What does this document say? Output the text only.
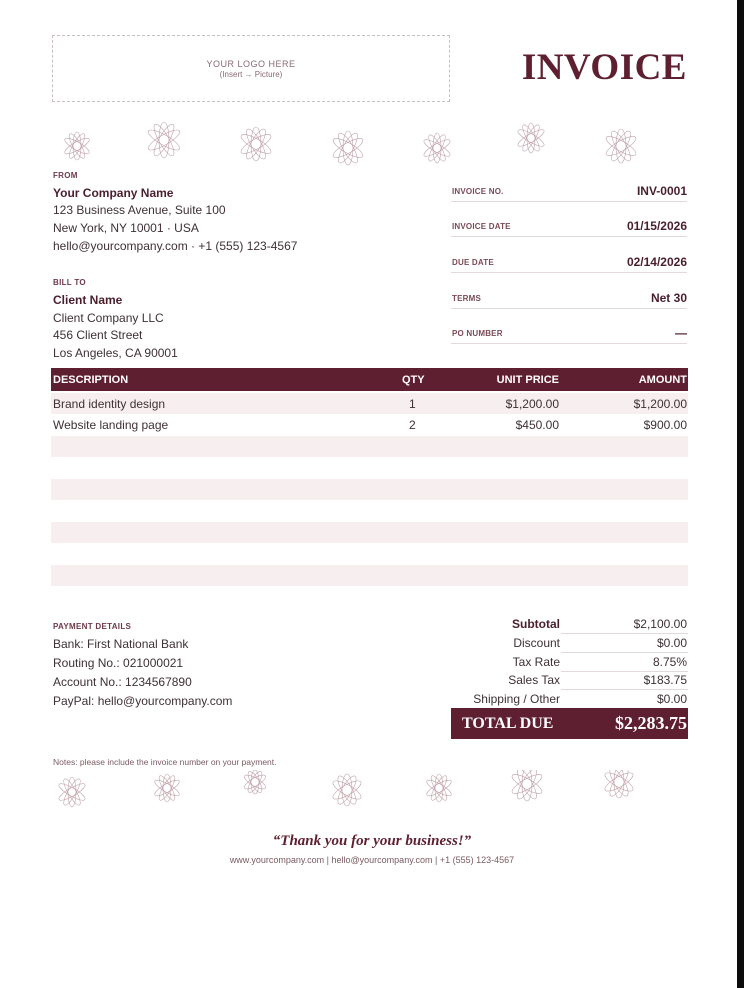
YOUR LOGO HERE
(Insert → Picture)	INVOICE
FROM
Your Company Name
123 Business Avenue, Suite 100
New York, NY 10001 · USA
hello@yourcompany.com · +1 (555) 123-4567
BILL TO
Client Name
Client Company LLC
456 Client Street
Los Angeles, CA 90001
INVOICE NO.	INV-0001
INVOICE DATE	01/15/2026
DUE DATE	02/14/2026
TERMS	Net 30
PO NUMBER	—
DESCRIPTION	QTY	UNIT PRICE	AMOUNT
Brand identity design	1	$1,200.00	$1,200.00
Website landing page	2	$450.00	$900.00
PAYMENT DETAILS
Bank: First National Bank
Routing No.: 021000021
Account No.: 1234567890
PayPal: hello@yourcompany.com
Subtotal	$2,100.00
Discount	$0.00
Tax Rate	8.75%
Sales Tax	$183.75
Shipping / Other	$0.00
TOTAL DUE	$2,283.75
Notes: please include the invoice number on your payment.
“Thank you for your business!”
www.yourcompany.com | hello@yourcompany.com | +1 (555) 123-4567
